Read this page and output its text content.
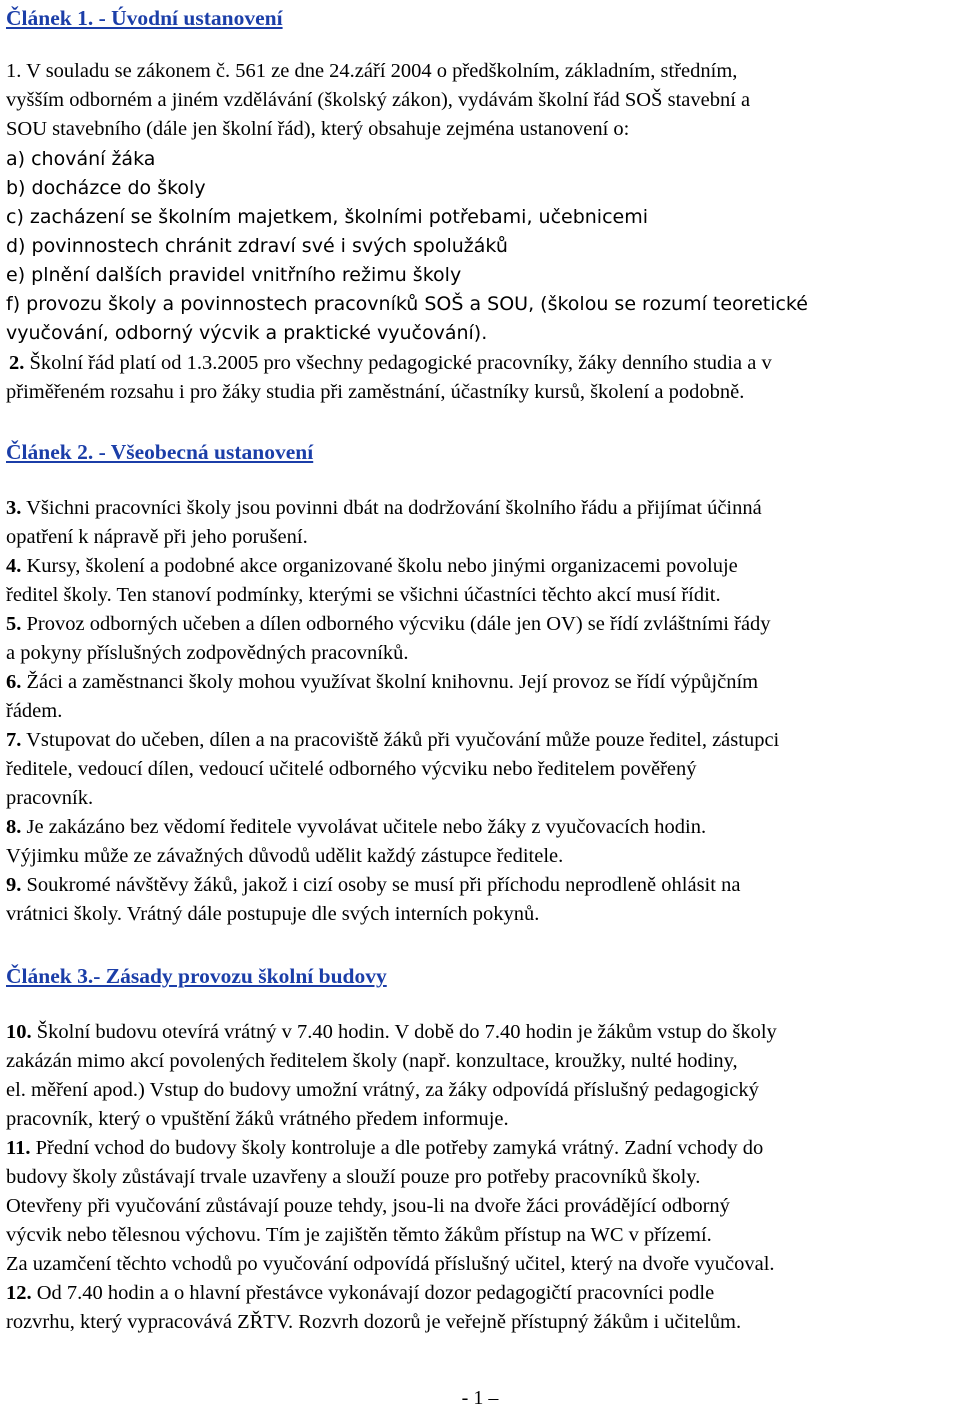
Článek 1. - Úvodní ustanovení
1. V souladu se zákonem č. 561 ze dne 24.září 2004 o předškolním, základním, středním,
vyšším odborném a jiném vzdělávání (školský zákon), vydávám školní řád SOŠ stavební a
SOU stavebního (dále jen školní řád), který obsahuje zejména ustanovení o:
a) chování žáka
b) docházce do školy
c) zacházení se školním majetkem, školními potřebami, učebnicemi
d) povinnostech chránit zdraví své i svých spolužáků
e) plnění dalších pravidel vnitřního režimu školy
f) provozu školy a povinnostech pracovníků SOŠ a SOU, (školou se rozumí teoretické
vyučování, odborný výcvik a praktické vyučování).
2. Školní řád platí od 1.3.2005 pro všechny pedagogické pracovníky, žáky denního studia a v
přiměřeném rozsahu i pro žáky studia při zaměstnání, účastníky kursů, školení a podobně.
Článek 2. - Všeobecná ustanovení
3. Všichni pracovníci školy jsou povinni dbát na dodržování školního řádu a přijímat účinná
opatření k nápravě při jeho porušení.
4. Kursy, školení a podobné akce organizované školu nebo jinými organizacemi povoluje
ředitel školy. Ten stanoví podmínky, kterými se všichni účastníci těchto akcí musí řídit.
5. Provoz odborných učeben a dílen odborného výcviku (dále jen OV) se řídí zvláštními řády
a pokyny příslušných zodpovědných pracovníků.
6. Žáci a zaměstnanci školy mohou využívat školní knihovnu. Její provoz se řídí výpůjčním
řádem.
7. Vstupovat do učeben, dílen a na pracoviště žáků při vyučování může pouze ředitel, zástupci
ředitele, vedoucí dílen, vedoucí učitelé odborného výcviku nebo ředitelem pověřený
pracovník.
8. Je zakázáno bez vědomí ředitele vyvolávat učitele nebo žáky z vyučovacích hodin.
Výjimku může ze závažných důvodů udělit každý zástupce ředitele.
9. Soukromé návštěvy žáků, jakož i cizí osoby se musí při příchodu neprodleně ohlásit na
vrátnici školy. Vrátný dále postupuje dle svých interních pokynů.
Článek 3.- Zásady provozu školní budovy
10. Školní budovu otevírá vrátný v 7.40 hodin. V době do 7.40 hodin je žákům vstup do školy
zakázán mimo akcí povolených ředitelem školy (např. konzultace, kroužky, nulté hodiny,
el. měření apod.) Vstup do budovy umožní vrátný, za žáky odpovídá příslušný pedagogický
pracovník, který o vpuštění žáků vrátného předem informuje.
11. Přední vchod do budovy školy kontroluje a dle potřeby zamyká vrátný. Zadní vchody do
budovy školy zůstávají trvale uzavřeny a slouží pouze pro potřeby pracovníků školy.
Otevřeny při vyučování zůstávají pouze tehdy, jsou-li na dvoře žáci provádějící odborný
výcvik nebo tělesnou výchovu. Tím je zajištěn těmto žákům přístup na WC v přízemí.
Za uzamčení těchto vchodů po vyučování odpovídá příslušný učitel, který na dvoře vyučoval.
12. Od 7.40 hodin a o hlavní přestávce vykonávají dozor pedagogičtí pracovníci podle
rozvrhu, který vypracovává ZŘTV. Rozvrh dozorů je veřejně přístupný žákům i učitelům.
- 1 –
